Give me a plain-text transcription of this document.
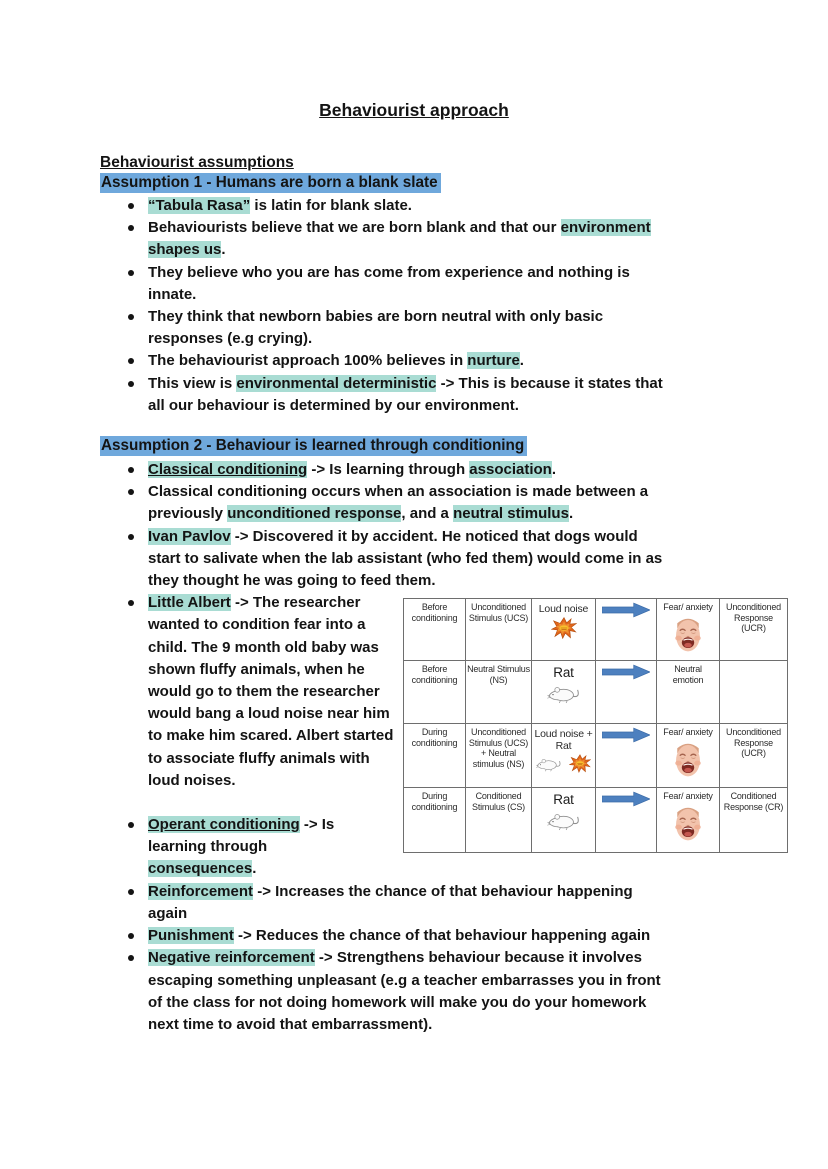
Behaviourist approach
Behaviourist assumptions
Assumption 1 - Humans are born a blank slate
“Tabula Rasa” is latin for blank slate.
Behaviourists believe that we are born blank and that our environment shapes us.
They believe who you are has come from experience and nothing is innate.
They think that newborn babies are born neutral with only basic responses (e.g crying).
The behaviourist approach 100% believes in nurture.
This view is environmental deterministic -> This is because it states that all our behaviour is determined by our environment.
Assumption 2 - Behaviour is learned through conditioning
Classical conditioning -> Is learning through association.
Classical conditioning occurs when an association is made between a previously unconditioned response, and a neutral stimulus.
Ivan Pavlov -> Discovered it by accident. He noticed that dogs would start to salivate when the lab assistant (who fed them) would come in as they thought he was going to feed them.
Little Albert -> The researcher wanted to condition fear into a child. The 9 month old baby was shown fluffy animals, when he would go to them the researcher would bang a loud noise near him to make him scared. Albert started to associate fluffy animals with loud noises.
Operant conditioning -> Is learning through consequences.
Reinforcement -> Increases the chance of that behaviour happening again
Punishment -> Reduces the chance of that behaviour happening again
Negative reinforcement -> Strengthens behaviour because it involves escaping something unpleasant (e.g a teacher embarrasses you in front of the class for not doing homework will make you do your homework next time to avoid that embarrassment).
Before conditioning	Unconditioned Stimulus (UCS)	Loud noise		Fear/ anxiety	Unconditioned Response (UCR)
Before conditioning	Neutral Stimulus (NS)	Rat		Neutral emotion	

During conditioning	Unconditioned Stimulus (UCS) + Neutral stimulus (NS)	Loud noise + Rat		Fear/ anxiety	Unconditioned Response (UCR)
During conditioning	Conditioned Stimulus (CS)	Rat		Fear/ anxiety	Conditioned Response (CR)
